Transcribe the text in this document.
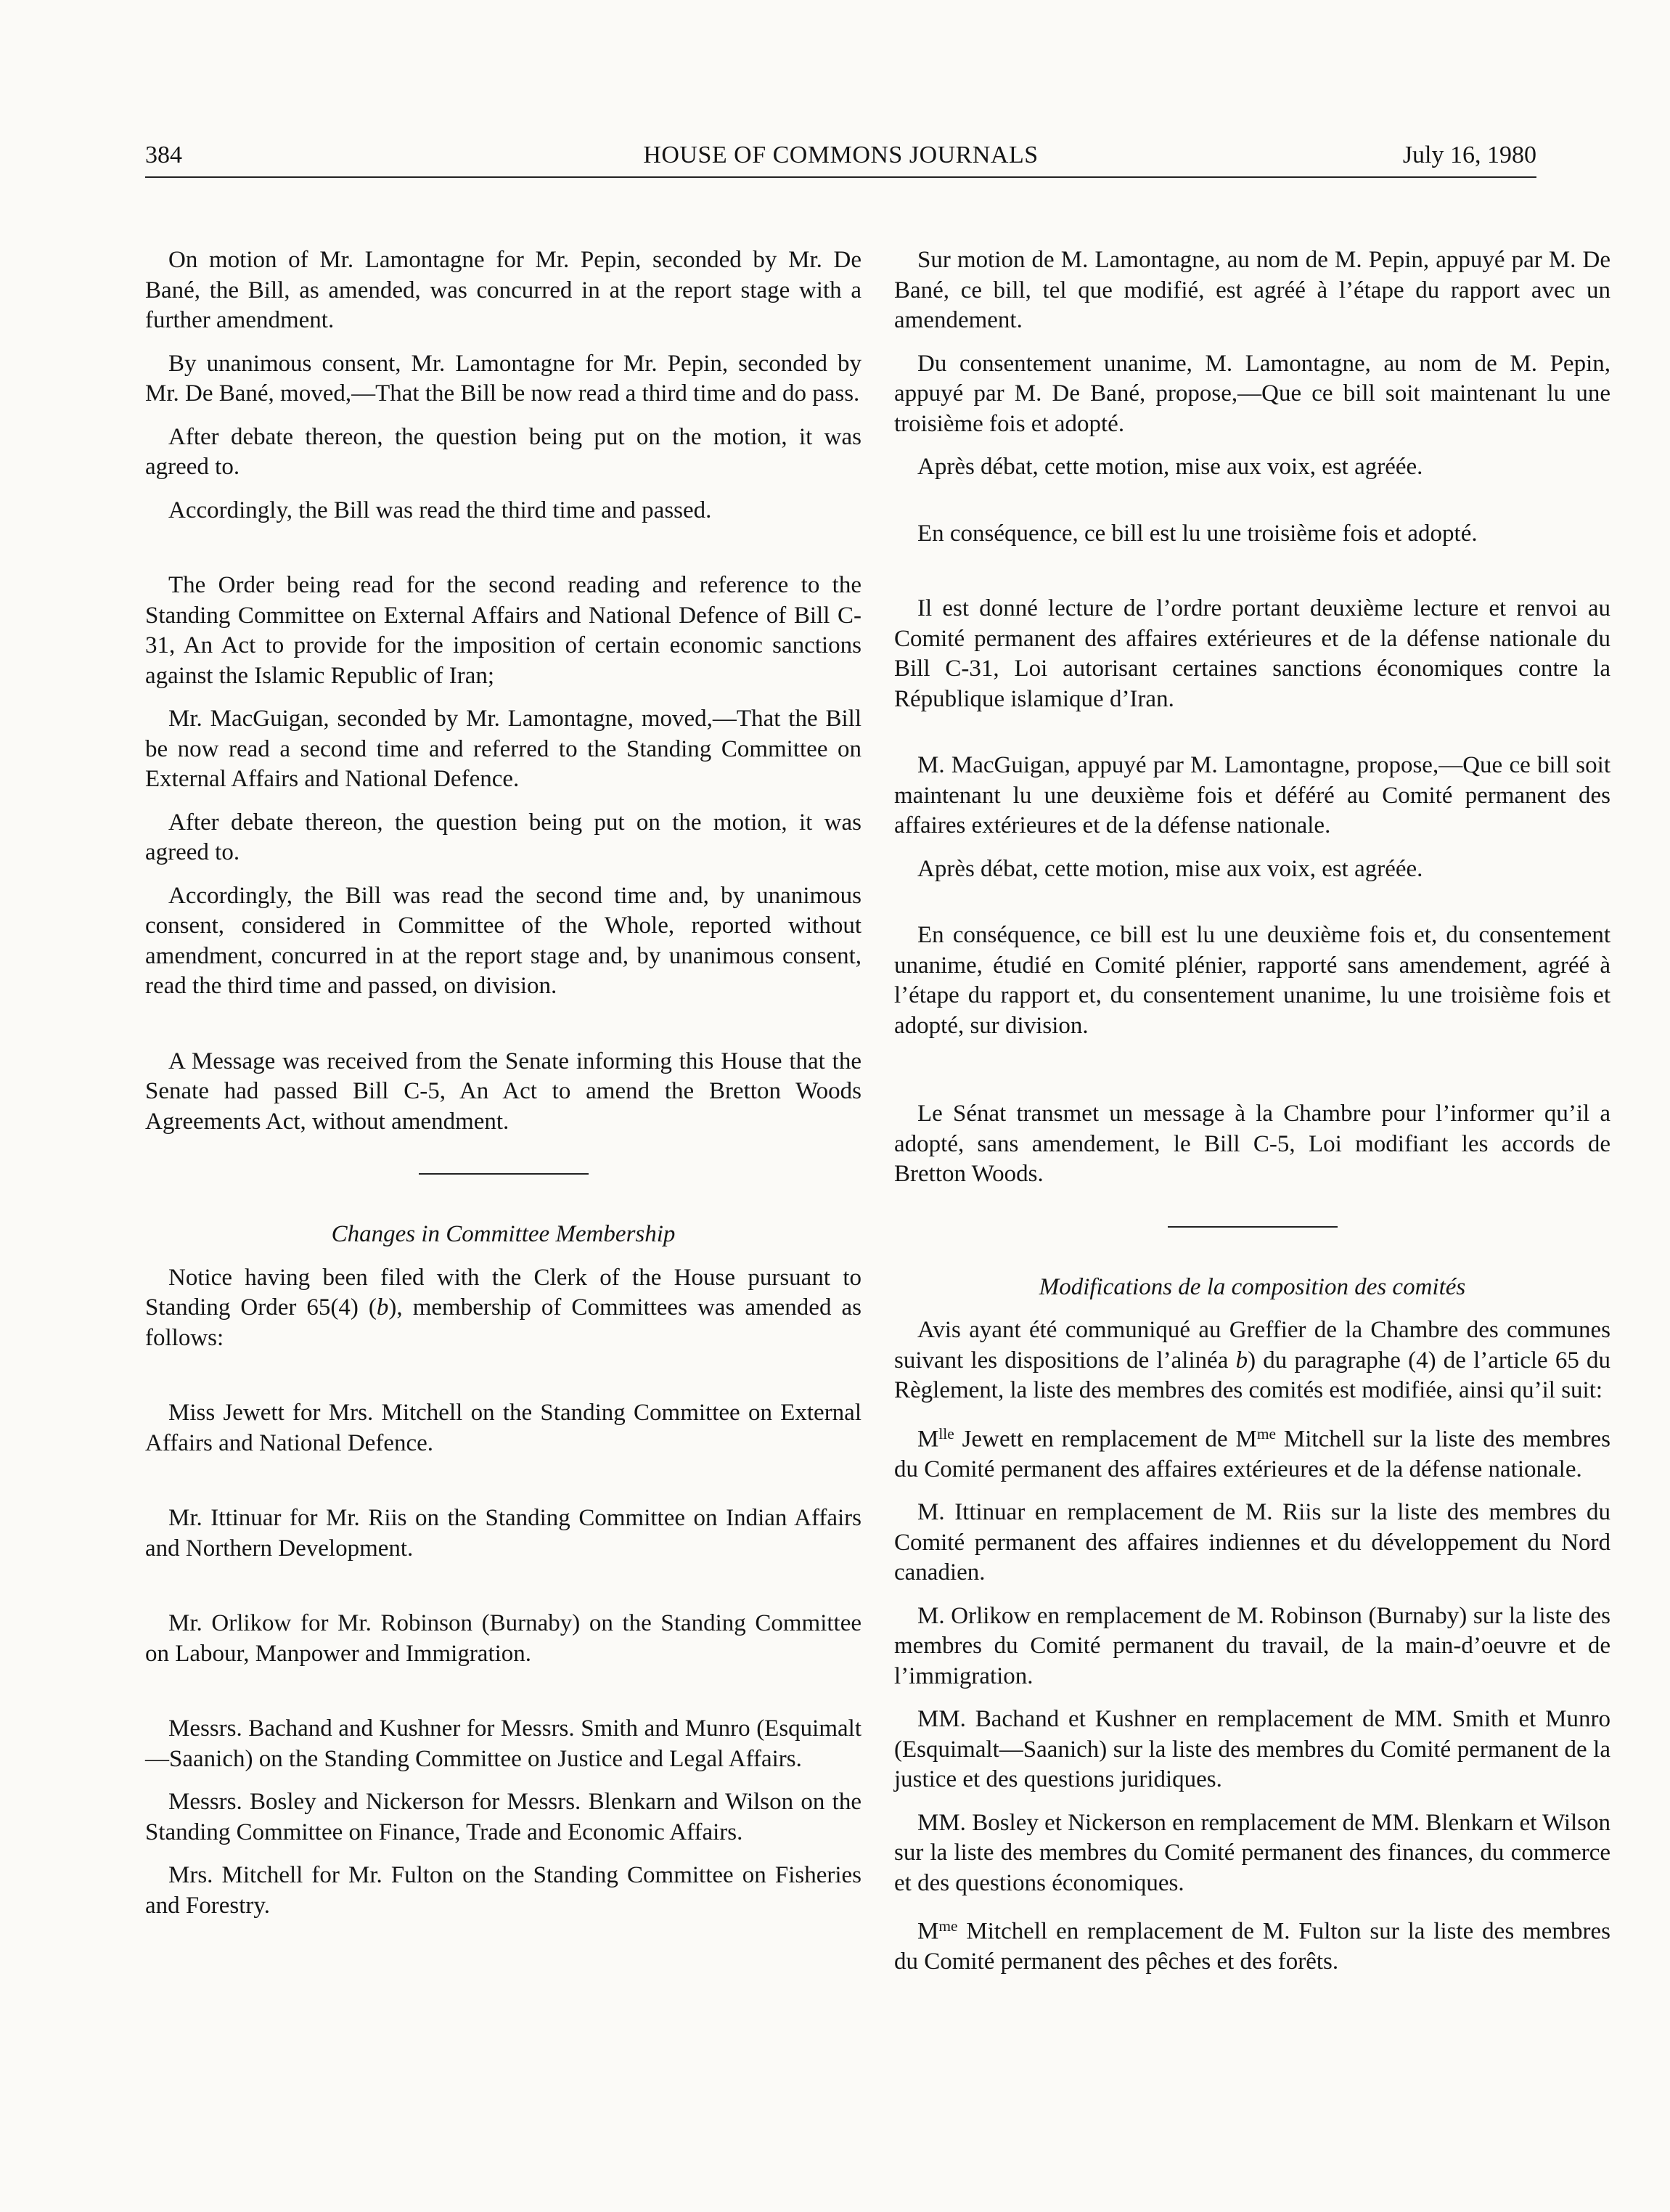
HOUSE OF COMMONS JOURNALS
384	July 16, 1980

On motion of Mr. Lamontagne for Mr. Pepin, seconded by Mr. De Bané, the Bill, as amended, was concurred in at the report stage with a further amendment.

By unanimous consent, Mr. Lamontagne for Mr. Pepin, seconded by Mr. De Bané, moved,—That the Bill be now read a third time and do pass.

After debate thereon, the question being put on the motion, it was agreed to.

Accordingly, the Bill was read the third time and passed.

The Order being read for the second reading and reference to the Standing Committee on External Affairs and National Defence of Bill C-31, An Act to provide for the imposition of certain economic sanctions against the Islamic Republic of Iran;

Mr. MacGuigan, seconded by Mr. Lamontagne, moved,—That the Bill be now read a second time and referred to the Standing Committee on External Affairs and National Defence.

After debate thereon, the question being put on the motion, it was agreed to.

Accordingly, the Bill was read the second time and, by unanimous consent, considered in Committee of the Whole, reported without amendment, concurred in at the report stage and, by unanimous consent, read the third time and passed, on division.

A Message was received from the Senate informing this House that the Senate had passed Bill C-5, An Act to amend the Bretton Woods Agreements Act, without amendment.

Changes in Committee Membership

Notice having been filed with the Clerk of the House pursuant to Standing Order 65(4) (b), membership of Committees was amended as follows:

Miss Jewett for Mrs. Mitchell on the Standing Committee on External Affairs and National Defence.

Mr. Ittinuar for Mr. Riis on the Standing Committee on Indian Affairs and Northern Development.

Mr. Orlikow for Mr. Robinson (Burnaby) on the Standing Committee on Labour, Manpower and Immigration.

Messrs. Bachand and Kushner for Messrs. Smith and Munro (Esquimalt—Saanich) on the Standing Committee on Justice and Legal Affairs.

Messrs. Bosley and Nickerson for Messrs. Blenkarn and Wilson on the Standing Committee on Finance, Trade and Economic Affairs.

Mrs. Mitchell for Mr. Fulton on the Standing Committee on Fisheries and Forestry.

Sur motion de M. Lamontagne, au nom de M. Pepin, appuyé par M. De Bané, ce bill, tel que modifié, est agréé à l’étape du rapport avec un amendement.

Du consentement unanime, M. Lamontagne, au nom de M. Pepin, appuyé par M. De Bané, propose,—Que ce bill soit maintenant lu une troisième fois et adopté.

Après débat, cette motion, mise aux voix, est agréée.

En conséquence, ce bill est lu une troisième fois et adopté.

Il est donné lecture de l’ordre portant deuxième lecture et renvoi au Comité permanent des affaires extérieures et de la défense nationale du Bill C-31, Loi autorisant certaines sanctions économiques contre la République islamique d’Iran.

M. MacGuigan, appuyé par M. Lamontagne, propose,—Que ce bill soit maintenant lu une deuxième fois et déféré au Comité permanent des affaires extérieures et de la défense nationale.

Après débat, cette motion, mise aux voix, est agréée.

En conséquence, ce bill est lu une deuxième fois et, du consentement unanime, étudié en Comité plénier, rapporté sans amendement, agréé à l’étape du rapport et, du consentement unanime, lu une troisième fois et adopté, sur division.

Le Sénat transmet un message à la Chambre pour l’informer qu’il a adopté, sans amendement, le Bill C-5, Loi modifiant les accords de Bretton Woods.

Modifications de la composition des comités

Avis ayant été communiqué au Greffier de la Chambre des communes suivant les dispositions de l’alinéa b) du paragraphe (4) de l’article 65 du Règlement, la liste des membres des comités est modifiée, ainsi qu’il suit:

$M^{lle}$ Jewett en remplacement de $M^{me}$ Mitchell sur la liste des membres du Comité permanent des affaires extérieures et de la défense nationale.

M. Ittinuar en remplacement de M. Riis sur la liste des membres du Comité permanent des affaires indiennes et du développement du Nord canadien.

M. Orlikow en remplacement de M. Robinson (Burnaby) sur la liste des membres du Comité permanent du travail, de la main-d’oeuvre et de l’immigration.

MM. Bachand et Kushner en remplacement de MM. Smith et Munro (Esquimalt—Saanich) sur la liste des membres du Comité permanent de la justice et des questions juridiques.

MM. Bosley et Nickerson en remplacement de MM. Blenkarn et Wilson sur la liste des membres du Comité permanent des finances, du commerce et des questions économiques.

$M^{me}$ Mitchell en remplacement de M. Fulton sur la liste des membres du Comité permanent des pêches et des forêts.
